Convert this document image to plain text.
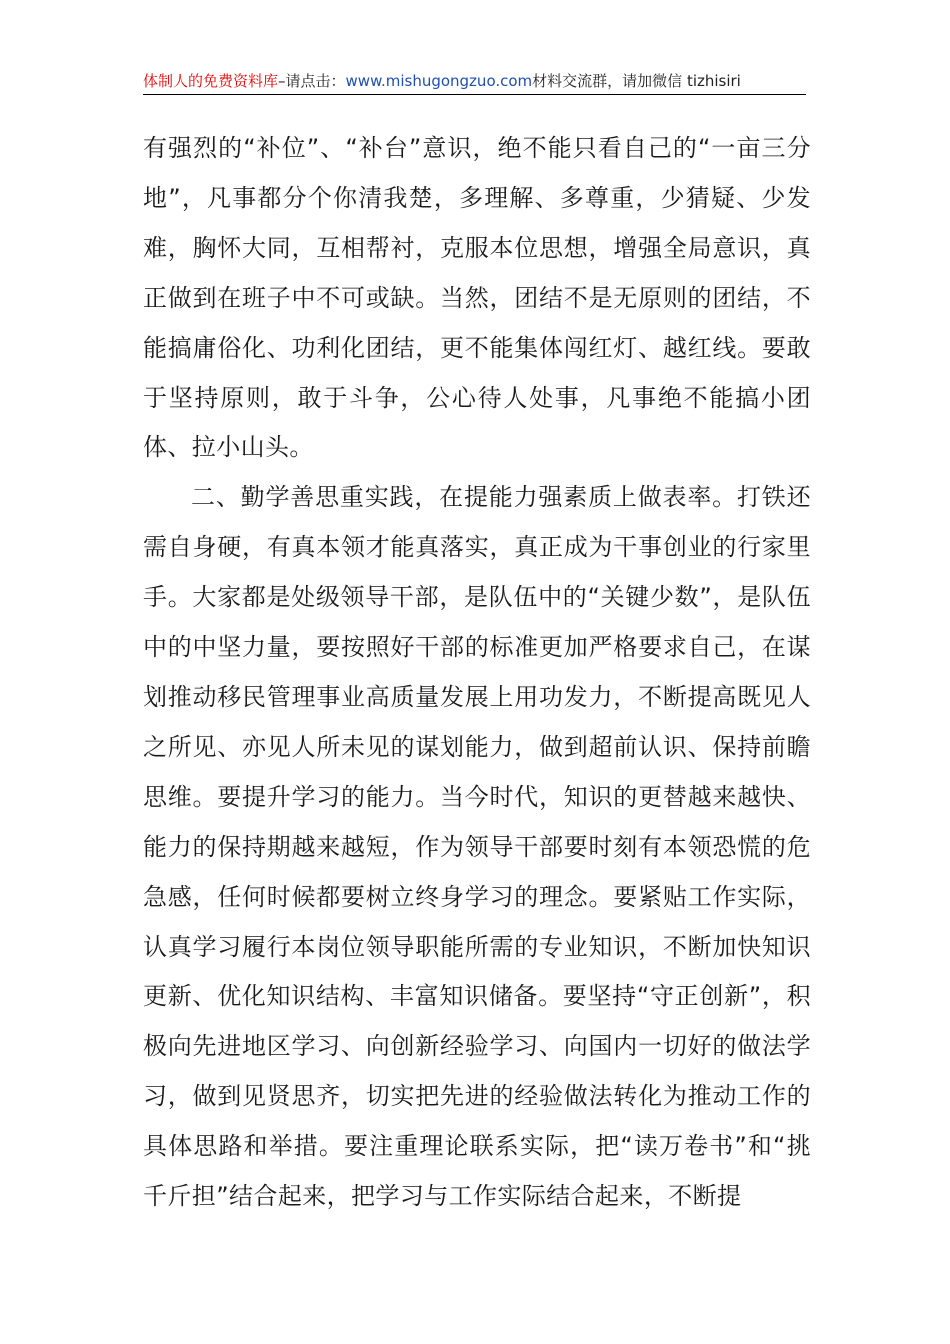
体制人的免费资料库–请点击：www.mishugongzuo.com材料交流群，请加微信 tizhisiri

有强烈的“补位”、“补台”意识，绝不能只看自己的“一亩三分地”，凡事都分个你清我楚，多理解、多尊重，少猜疑、少发难，胸怀大同，互相帮衬，克服本位思想，增强全局意识，真正做到在班子中不可或缺。当然，团结不是无原则的团结，不能搞庸俗化、功利化团结，更不能集体闯红灯、越红线。要敢于坚持原则，敢于斗争，公心待人处事，凡事绝不能搞小团体、拉小山头。

二、勤学善思重实践，在提能力强素质上做表率。打铁还需自身硬，有真本领才能真落实，真正成为干事创业的行家里手。大家都是处级领导干部，是队伍中的“关键少数”，是队伍中的中坚力量，要按照好干部的标准更加严格要求自己，在谋划推动移民管理事业高质量发展上用功发力，不断提高既见人之所见、亦见人所未见的谋划能力，做到超前认识、保持前瞻思维。要提升学习的能力。当今时代，知识的更替越来越快、能力的保持期越来越短，作为领导干部要时刻有本领恐慌的危急感，任何时候都要树立终身学习的理念。要紧贴工作实际，认真学习履行本岗位领导职能所需的专业知识，不断加快知识更新、优化知识结构、丰富知识储备。要坚持“守正创新”，积极向先进地区学习、向创新经验学习、向国内一切好的做法学习，做到见贤思齐，切实把先进的经验做法转化为推动工作的具体思路和举措。要注重理论联系实际，把“读万卷书”和“挑千斤担”结合起来，把学习与工作实际结合起来，不断提
